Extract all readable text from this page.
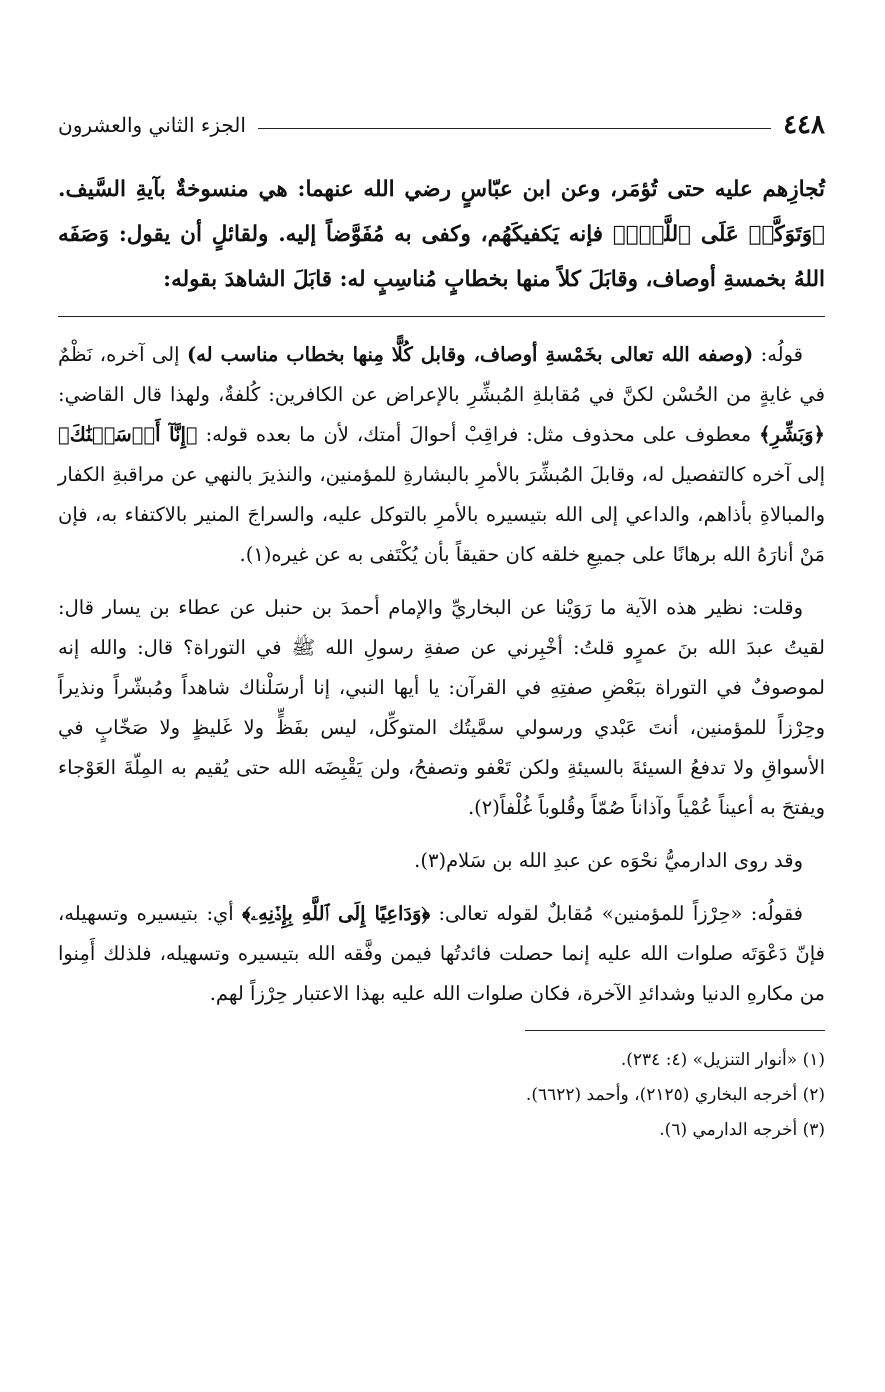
٤٤٨
الجزء الثاني والعشرون
تُجازِهم عليه حتى تُؤمَر، وعن ابن عبّاسٍ رضي الله عنهما: هي منسوخةٌ بآيةِ السَّيف. ﴿وَتَوَكَّلۡ عَلَى ٱللَّهِۚ﴾ فإنه يَكفيكَهُم، وكفى به مُفَوَّضاً إليه. ولقائلٍ أن يقول: وَصَفَه اللهُ بخمسةِ أوصاف، وقابَلَ كلاً منها بخطابٍ مُناسِبٍ له: قابَلَ الشاهدَ بقوله:

قولُه: (وصفه الله تعالى بخَمْسةِ أوصاف، وقابل كُلًّا مِنها بخطاب مناسب له) إلى آخره، نَظْمٌ في غايةٍ من الحُسْن لكنَّ في مُقابلةِ المُبشِّرِ بالإعراض عن الكافرين: كُلفةٌ، ولهذا قال القاضي: ﴿وَبَشِّرِ﴾ معطوف على محذوف مثل: فراقِبْ أحوالَ أمتك، لأن ما بعده قوله: ﴿إِنَّآ أَرۡسَلۡنَٰكَ﴾ إلى آخره كالتفصيل له، وقابلَ المُبشِّرَ بالأمرِ بالبشارةِ للمؤمنين، والنذيرَ بالنهي عن مراقبةِ الكفار والمبالاةِ بأذاهم، والداعي إلى الله بتيسيره بالأمرِ بالتوكل عليه، والسراجَ المنير بالاكتفاء به، فإن مَنْ أنارَهُ الله برهانًا على جميعِ خلقه كان حقيقاً بأن يُكْتَفى به عن غيره(١).

وقلت: نظير هذه الآية ما رَوَيْنا عن البخاريِّ والإمام أحمدَ بن حنبل عن عطاء بن يسار قال: لقيتُ عبدَ الله بنَ عمرٍو قلتُ: أخْبِرني عن صفةِ رسولِ الله ﷺ في التوراة؟ قال: والله إنه لموصوفٌ في التوراة ببَعْضِ صفتِهِ في القرآن: يا أيها النبي، إنا أرسَلْناك شاهداً ومُبشّراً ونذيراً وحِرْزاً للمؤمنين، أنتَ عَبْدي ورسولي سمَّيتُك المتوكِّل، ليس بفَظٍّ ولا غَليظٍ ولا صَخّابٍ في الأسواقِ ولا تدفعُ السيئةَ بالسيئةِ ولكن تَعْفو وتصفحُ، ولن يَقْبِضَه الله حتى يُقيم به المِلّةَ العَوْجاء ويفتحَ به أعيناً عُمْياً وآذاناً صُمّاً وقُلوباً غُلْفاً(٢).

وقد روى الدارميُّ نحْوَه عن عبدِ الله بن سَلام(٣).

فقولُه: «حِرْزاً للمؤمنين» مُقابلٌ لقوله تعالى: ﴿وَدَاعِيًا إِلَى ٱللَّهِ بِإِذۡنِهِۦ﴾ أي: بتيسيره وتسهيله، فإنّ دَعْوَتَه صلوات الله عليه إنما حصلت فائدتُها فيمن وفَّقه الله بتيسيره وتسهيله، فلذلك أَمِنوا من مكارهِ الدنيا وشدائدِ الآخرة، فكان صلوات الله عليه بهذا الاعتبار حِرْزاً لهم.

(١) «أنوار التنزيل» (٤: ٢٣٤).
(٢) أخرجه البخاري (٢١٢٥)، وأحمد (٦٦٢٢).
(٣) أخرجه الدارمي (٦).
